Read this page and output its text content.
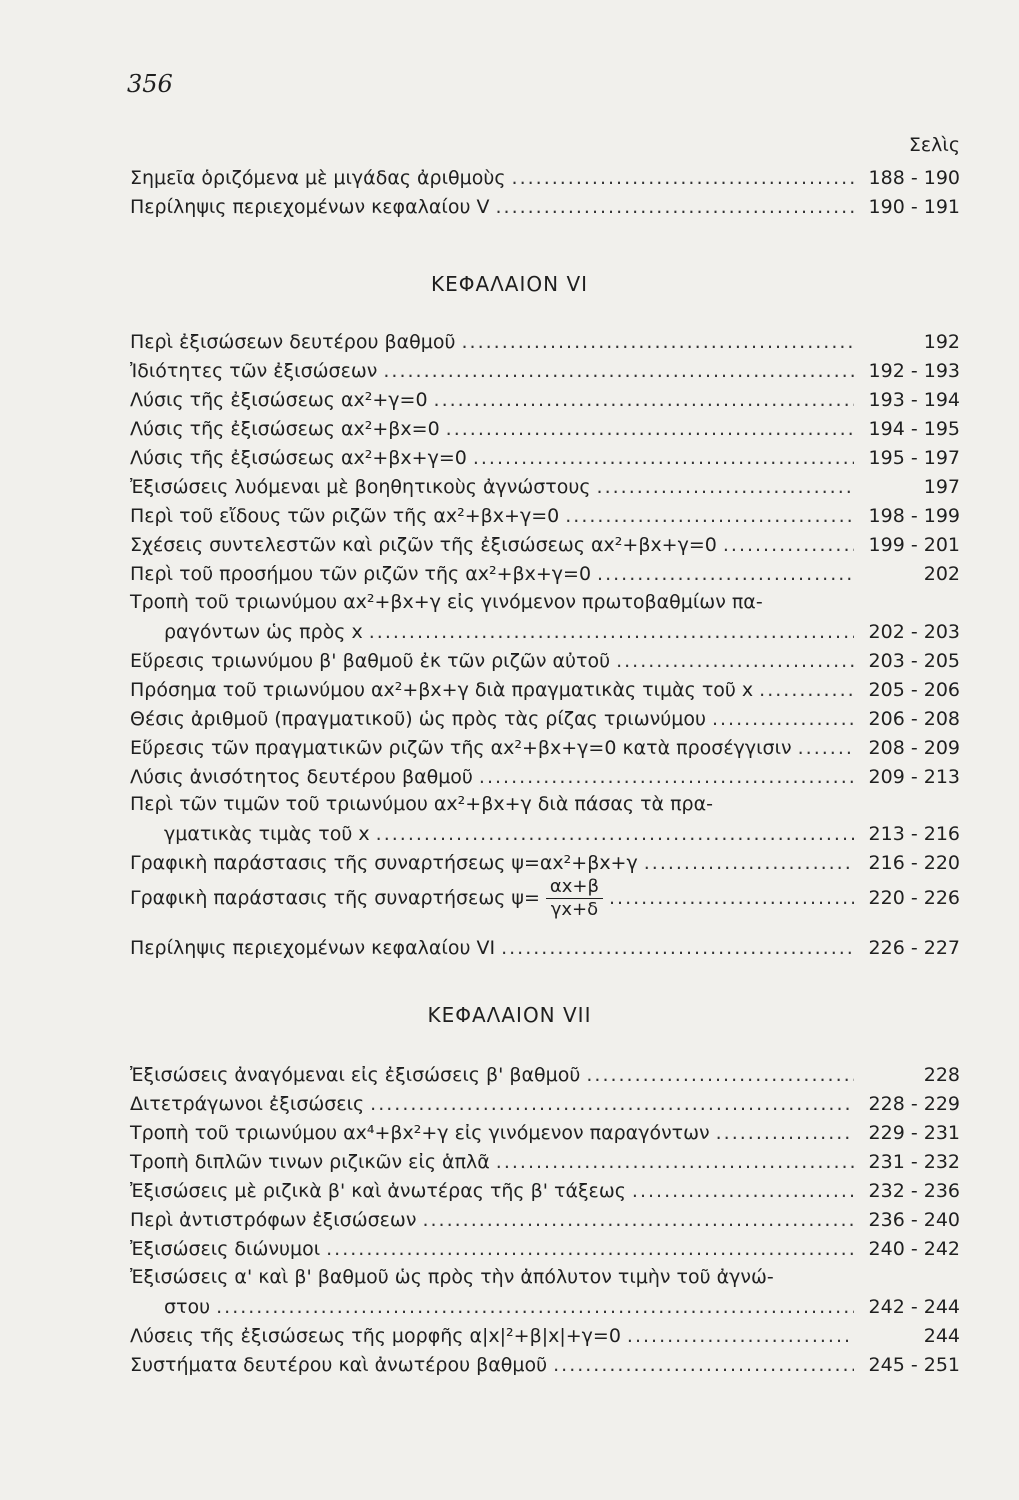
356
Σελὶς
Σημεῖα ὁριζόμενα μὲ μιγάδας ἀριθμοὺς .....	188 - 190
Περίληψις περιεχομένων κεφαλαίου V .....	190 - 191
ΚΕΦΑΛΑΙΟΝ VI
Περὶ ἐξισώσεων δευτέρου βαθμοῦ .....	192
Ἰδιότητες τῶν ἐξισώσεων .....	192 - 193
Λύσις τῆς ἐξισώσεως αx²+γ=0 .....	193 - 194
Λύσις τῆς ἐξισώσεως αx²+βx=0 .....	194 - 195
Λύσις τῆς ἐξισώσεως αx²+βx+γ=0 .....	195 - 197
Ἐξισώσεις λυόμεναι μὲ βοηθητικοὺς ἀγνώστους .....	197
Περὶ τοῦ εἴδους τῶν ριζῶν τῆς αx²+βx+γ=0 .....	198 - 199
Σχέσεις συντελεστῶν καὶ ριζῶν τῆς ἐξισώσεως αx²+βx+γ=0 .....	199 - 201
Περὶ τοῦ προσήμου τῶν ριζῶν τῆς αx²+βx+γ=0 .....	202
Τροπὴ τοῦ τριωνύμου αx²+βx+γ εἰς γινόμενον πρωτοβαθμίων πα-
ραγόντων ὡς πρὸς x .....	202 - 203
Εὕρεσις τριωνύμου β' βαθμοῦ ἐκ τῶν ριζῶν αὐτοῦ .....	203 - 205
Πρόσημα τοῦ τριωνύμου αx²+βx+γ διὰ πραγματικὰς τιμὰς τοῦ x .....	205 - 206
Θέσις ἀριθμοῦ (πραγματικοῦ) ὡς πρὸς τὰς ρίζας τριωνύμου .....	206 - 208
Εὕρεσις τῶν πραγματικῶν ριζῶν τῆς αx²+βx+γ=0 κατὰ προσέγγισιν .....	208 - 209
Λύσις ἀνισότητος δευτέρου βαθμοῦ .....	209 - 213
Περὶ τῶν τιμῶν τοῦ τριωνύμου αx²+βx+γ διὰ πάσας τὰ πρα-
γματικὰς τιμὰς τοῦ x .....	213 - 216
Γραφικὴ παράστασις τῆς συναρτήσεως ψ=αx²+βx+γ .....	216 - 220
Γραφικὴ παράστασις τῆς συναρτήσεως $\psi= \frac{\alpha x+\beta}{\gamma x+\delta}$ .....	220 - 226
Περίληψις περιεχομένων κεφαλαίου VI .....	226 - 227
ΚΕΦΑΛΑΙΟΝ VII
Ἐξισώσεις ἀναγόμεναι εἰς ἐξισώσεις β' βαθμοῦ .....	228
Διτετράγωνοι ἐξισώσεις .....	228 - 229
Τροπὴ τοῦ τριωνύμου αx⁴+βx²+γ εἰς γινόμενον παραγόντων .....	229 - 231
Τροπὴ διπλῶν τινων ριζικῶν εἰς ἁπλᾶ .....	231 - 232
Ἐξισώσεις μὲ ριζικὰ β' καὶ ἀνωτέρας τῆς β' τάξεως .....	232 - 236
Περὶ ἀντιστρόφων ἐξισώσεων .....	236 - 240
Ἐξισώσεις διώνυμοι .....	240 - 242
Ἐξισώσεις α' καὶ β' βαθμοῦ ὡς πρὸς τὴν ἀπόλυτον τιμὴν τοῦ ἀγνώ-
στου .....	242 - 244
Λύσεις τῆς ἐξισώσεως τῆς μορφῆς α|x|²+β|x|+γ=0 .....	244
Συστήματα δευτέρου καὶ ἀνωτέρου βαθμοῦ .....	245 - 251
